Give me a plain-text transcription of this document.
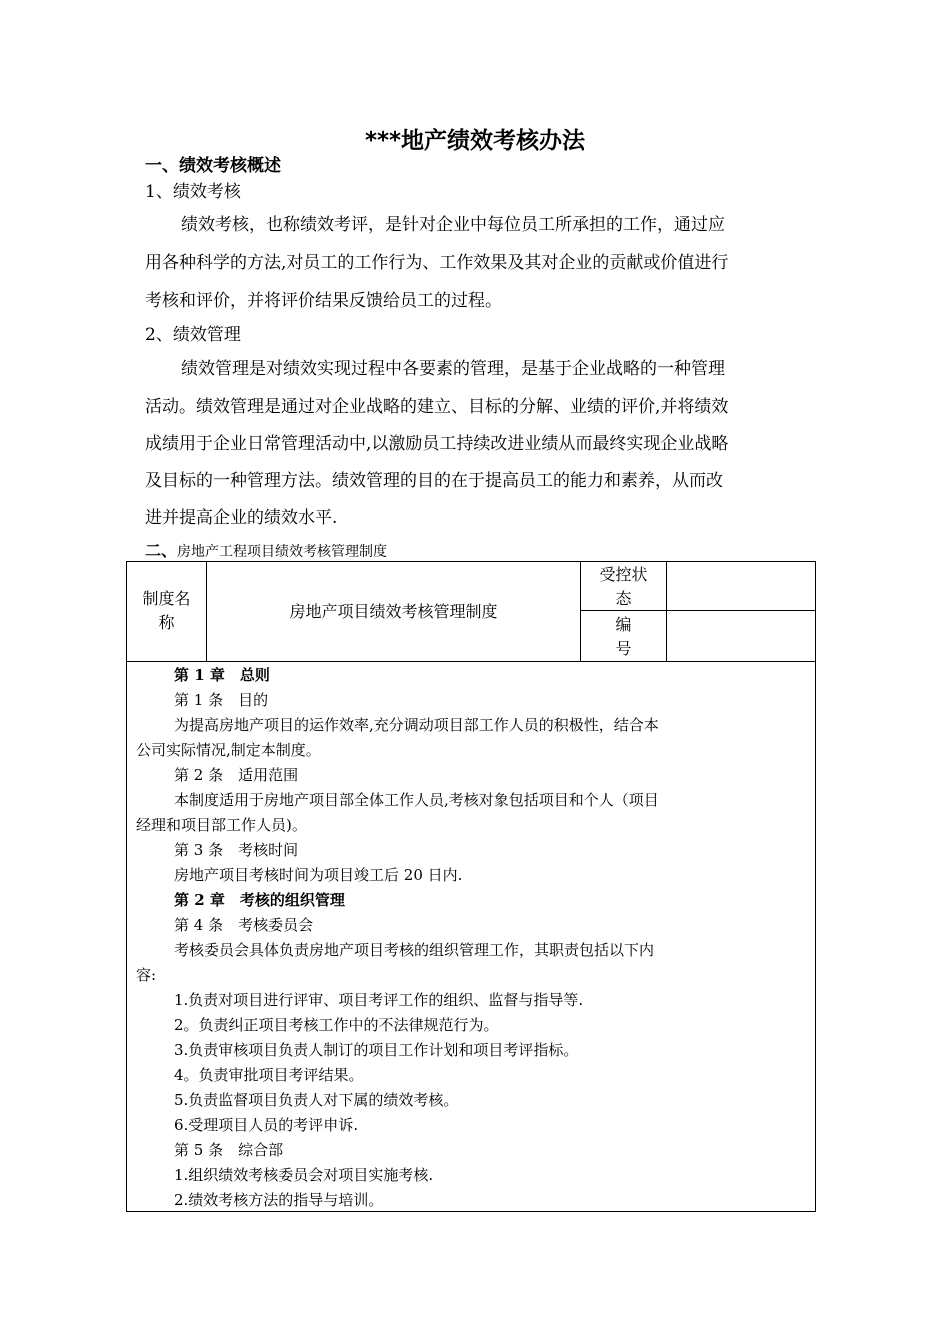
***地产绩效考核办法
一、绩效考核概述
1、绩效考核
绩效考核，也称绩效考评，是针对企业中每位员工所承担的工作，通过应
用各种科学的方法,对员工的工作行为、工作效果及其对企业的贡献或价值进行
考核和评价，并将评价结果反馈给员工的过程。
2、绩效管理
绩效管理是对绩效实现过程中各要素的管理，是基于企业战略的一种管理
活动。绩效管理是通过对企业战略的建立、目标的分解、业绩的评价,并将绩效
成绩用于企业日常管理活动中,以激励员工持续改进业绩从而最终实现企业战略
及目标的一种管理方法。绩效管理的目的在于提高员工的能力和素养，从而改
进并提高企业的绩效水平.
二、房地产工程项目绩效考核管理制度
制度名
称
房地产项目绩效考核管理制度
受控状
态
编
号
第 1 章　总则
第 1 条　目的
为提高房地产项目的运作效率,充分调动项目部工作人员的积极性，结合本
公司实际情况,制定本制度。
第 2 条　适用范围
本制度适用于房地产项目部全体工作人员,考核对象包括项目和个人（项目
经理和项目部工作人员)。
第 3 条　考核时间
房地产项目考核时间为项目竣工后 20 日内.
第 2 章　考核的组织管理
第 4 条　考核委员会
考核委员会具体负责房地产项目考核的组织管理工作，其职责包括以下内
容:
1.负责对项目进行评审、项目考评工作的组织、监督与指导等.
2。负责纠正项目考核工作中的不法律规范行为。
3.负责审核项目负责人制订的项目工作计划和项目考评指标。
4。负责审批项目考评结果。
5.负责监督项目负责人对下属的绩效考核。
6.受理项目人员的考评申诉.
第 5 条　综合部
1.组织绩效考核委员会对项目实施考核.
2.绩效考核方法的指导与培训。
